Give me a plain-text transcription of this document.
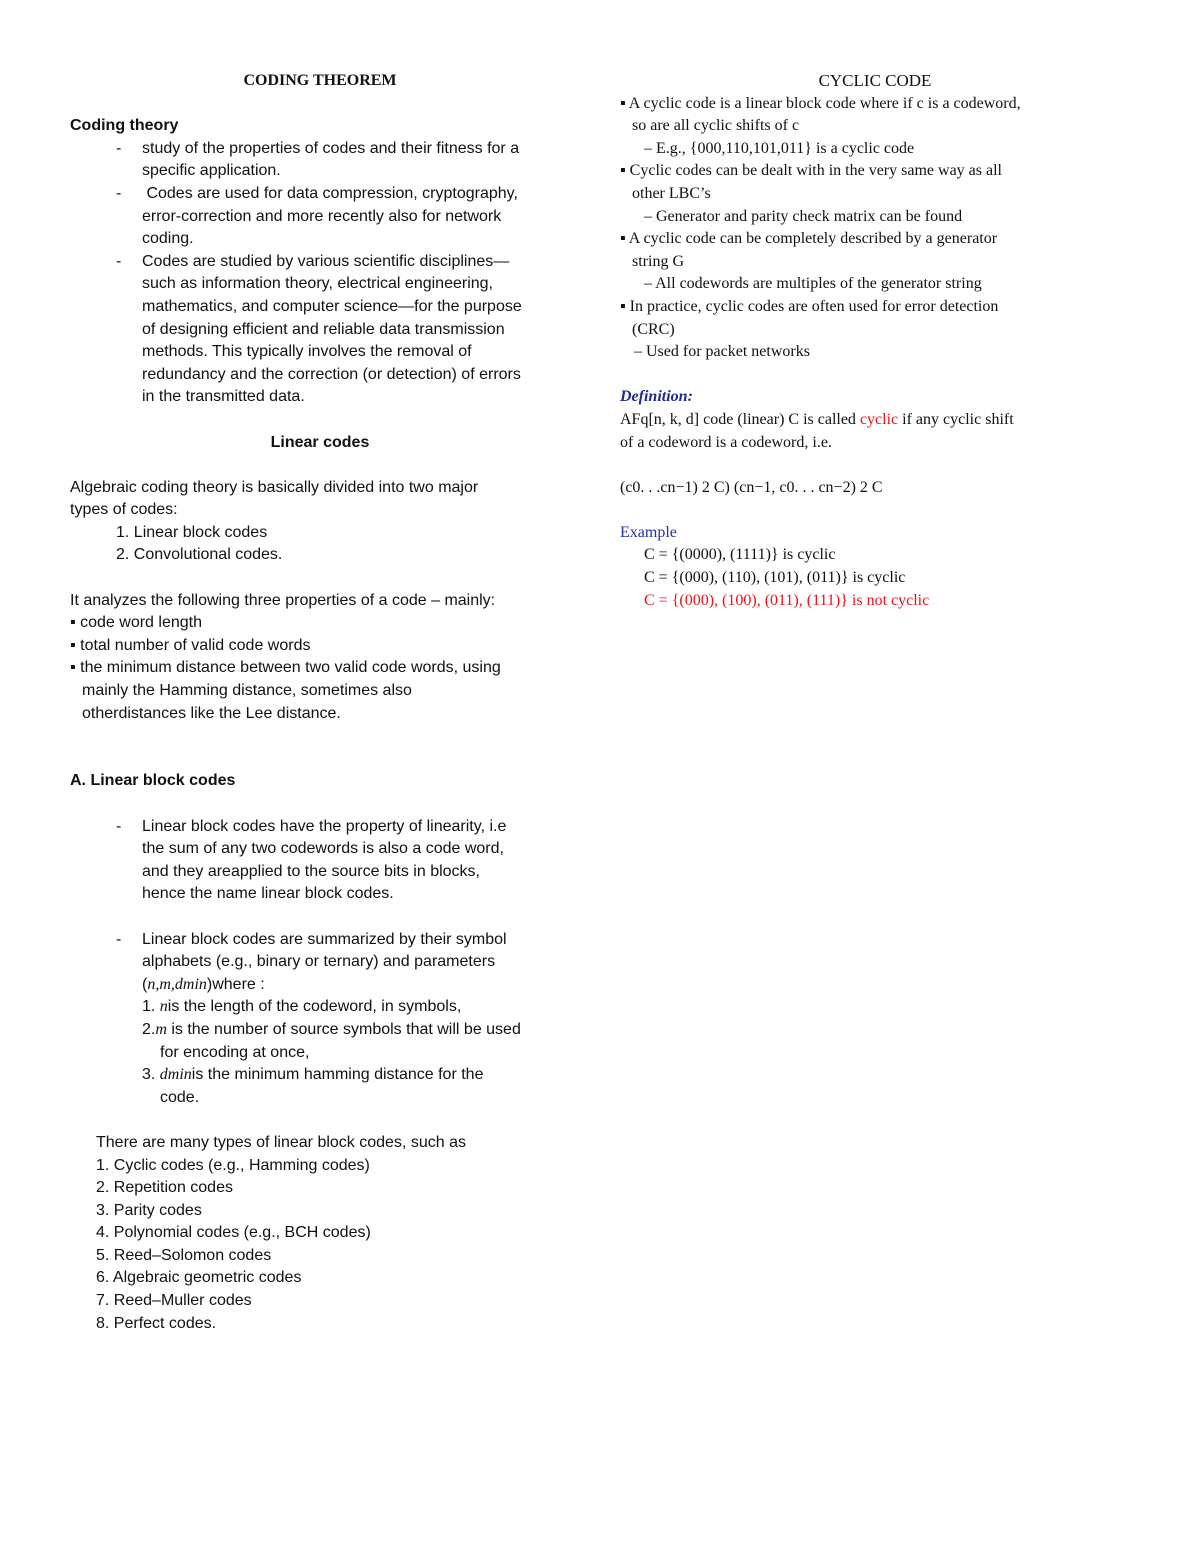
CODING THEOREM
Coding theory
- study of the properties of codes and their fitness for a
specific application.
- Codes are used for data compression, cryptography,
error-correction and more recently also for network
coding.
- Codes are studied by various scientific disciplines—
such as information theory, electrical engineering,
mathematics, and computer science—for the purpose
of designing efficient and reliable data transmission
methods. This typically involves the removal of
redundancy and the correction (or detection) of errors
in the transmitted data.
Linear codes
Algebraic coding theory is basically divided into two major
types of codes:
1. Linear block codes
2. Convolutional codes.
It analyzes the following three properties of a code – mainly:
▪ code word length
▪ total number of valid code words
▪ the minimum distance between two valid code words, using
mainly the Hamming distance, sometimes also
otherdistances like the Lee distance.
A. Linear block codes
- Linear block codes have the property of linearity, i.e
the sum of any two codewords is also a code word,
and they areapplied to the source bits in blocks,
hence the name linear block codes.
- Linear block codes are summarized by their symbol
alphabets (e.g., binary or ternary) and parameters
(n,m,dmin)where :
1. nis the length of the codeword, in symbols,
2.m is the number of source symbols that will be used
for encoding at once,
3. dminis the minimum hamming distance for the
code.
There are many types of linear block codes, such as
1. Cyclic codes (e.g., Hamming codes)
2. Repetition codes
3. Parity codes
4. Polynomial codes (e.g., BCH codes)
5. Reed–Solomon codes
6. Algebraic geometric codes
7. Reed–Muller codes
8. Perfect codes.
CYCLIC CODE
▪ A cyclic code is a linear block code where if c is a codeword,
so are all cyclic shifts of c
– E.g., {000,110,101,011} is a cyclic code
▪ Cyclic codes can be dealt with in the very same way as all
other LBC’s
– Generator and parity check matrix can be found
▪ A cyclic code can be completely described by a generator
string G
– All codewords are multiples of the generator string
▪ In practice, cyclic codes are often used for error detection
(CRC)
– Used for packet networks
Definition:
AFq[n, k, d] code (linear) C is called cyclic if any cyclic shift
of a codeword is a codeword, i.e.
(c0. . .cn−1) 2 C) (cn−1, c0. . . cn−2) 2 C
Example
C = {(0000), (1111)} is cyclic
C = {(000), (110), (101), (011)} is cyclic
C = {(000), (100), (011), (111)} is not cyclic
